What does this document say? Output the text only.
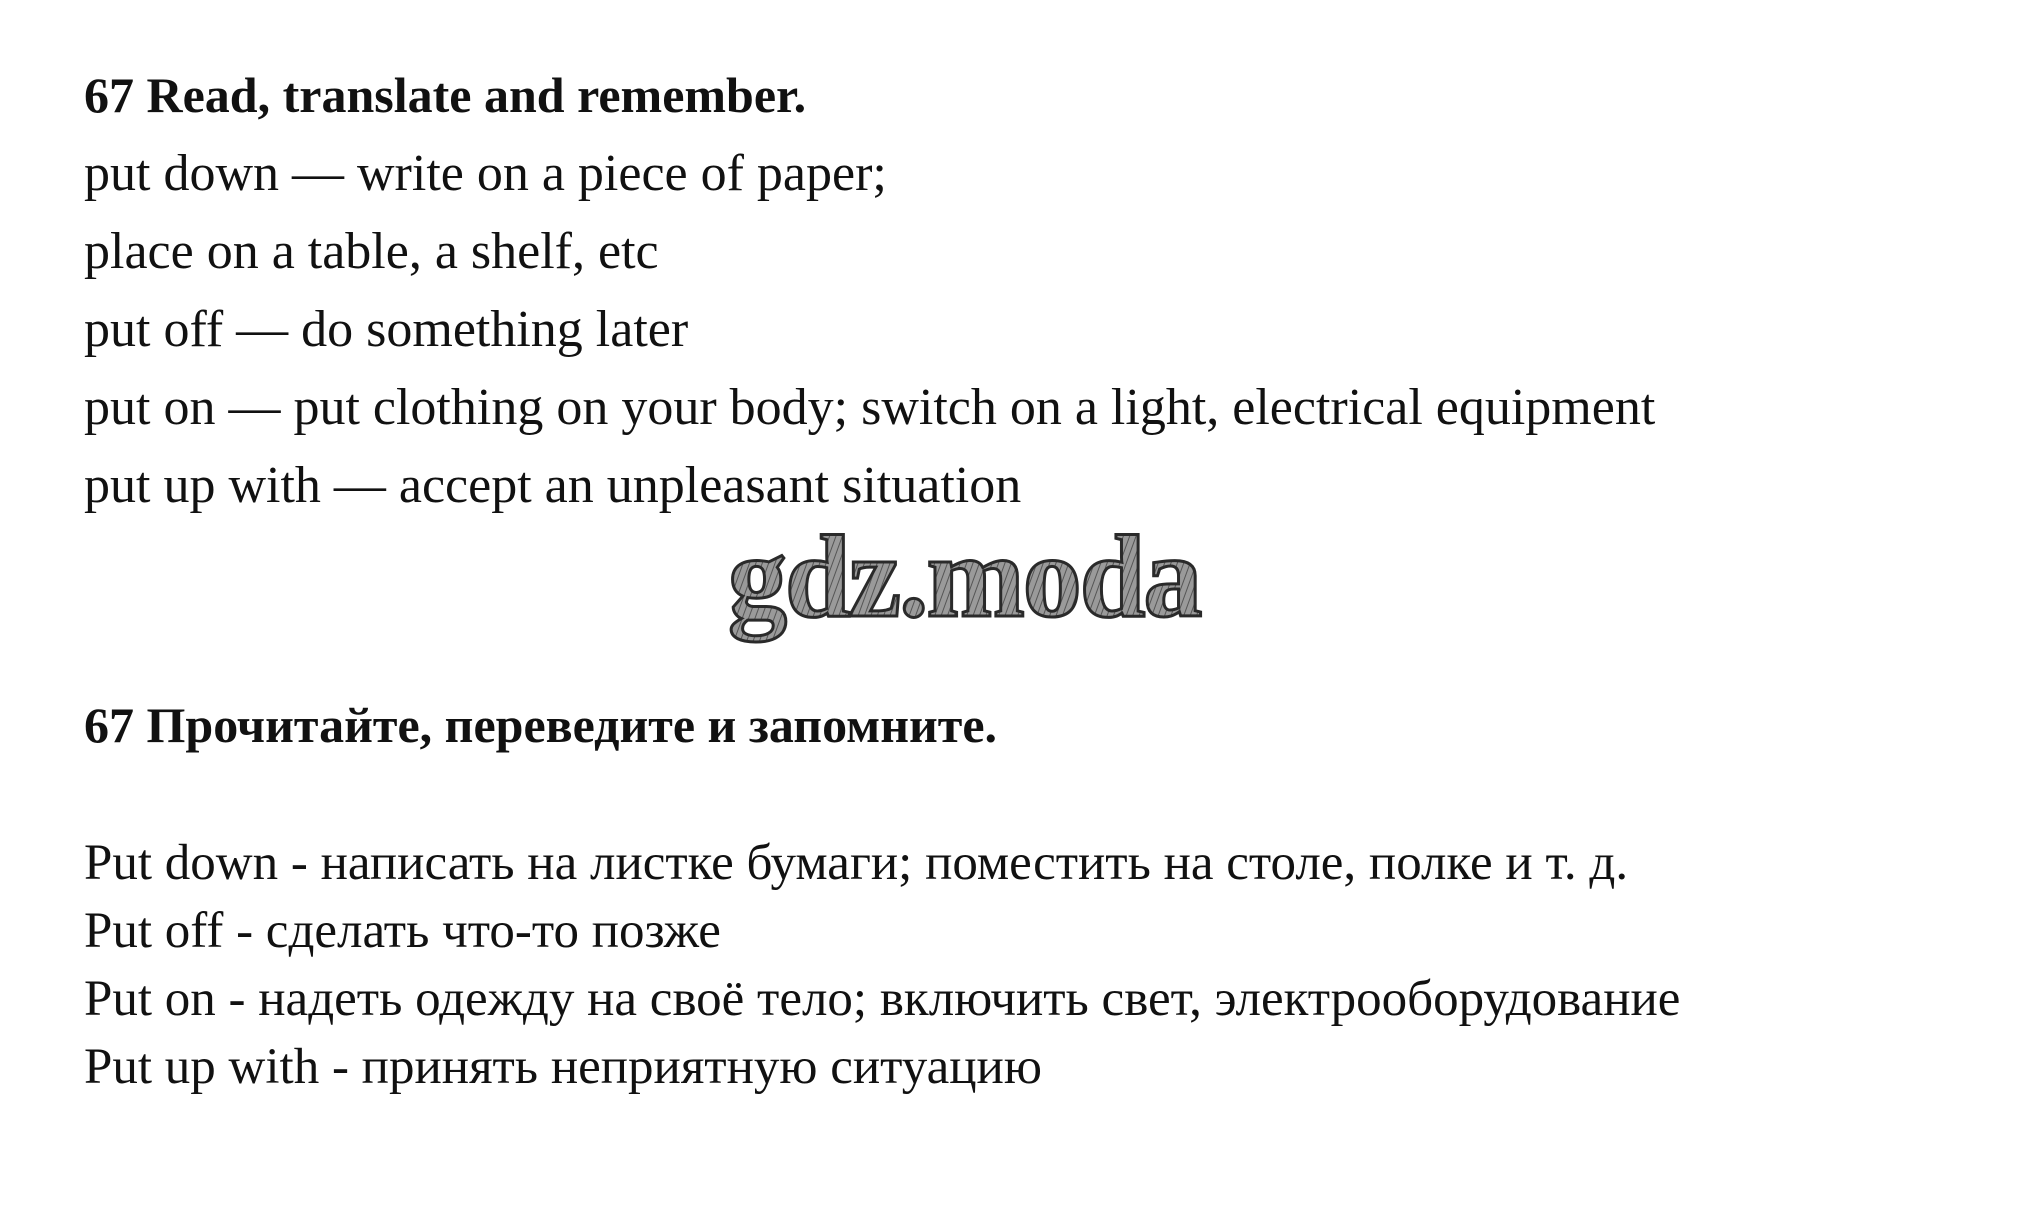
67 Read, translate and remember.
put down — write on a piece of paper;
place on a table, a shelf, etc
put off — do something later
put on — put clothing on your body; switch on a light, electrical equipment
put up with — accept an unpleasant situation
gdz.moda
67 Прочитайте, переведите и запомните.
Put down - написать на листке бумаги; поместить на столе, полке и т. д.
Put off - сделать что-то позже
Put on - надеть одежду на своё тело; включить свет, электрооборудование
Put up with - принять неприятную ситуацию
